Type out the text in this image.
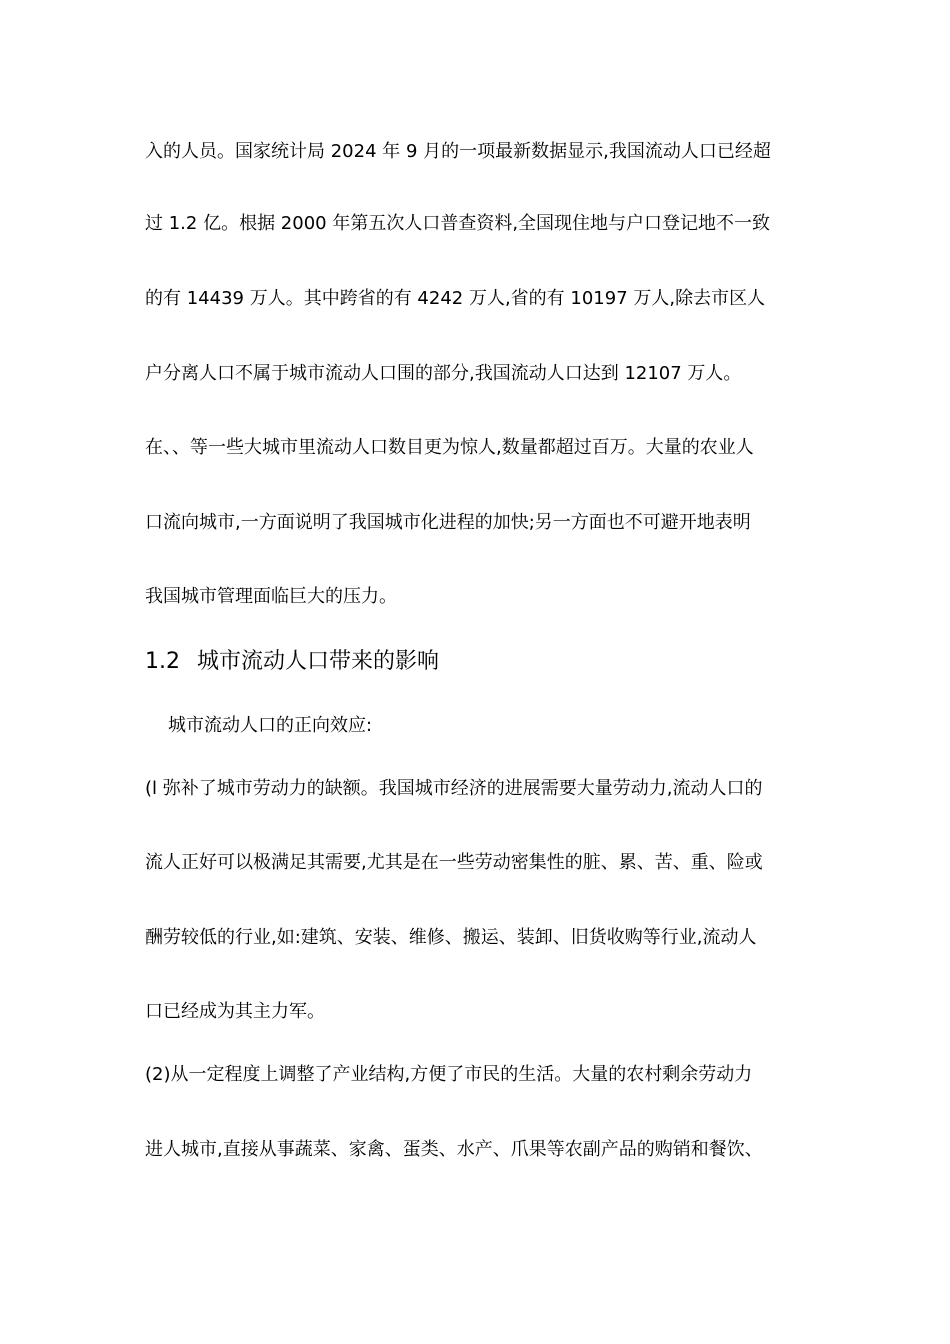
入的人员。国家统计局 2024 年 9 月的一项最新数据显示,我国流动人口已经超
过 1.2 亿。根据 2000 年第五次人口普查资料,全国现住地与户口登记地不一致
的有 14439 万人。其中跨省的有 4242 万人,省的有 10197 万人,除去市区人
户分离人口不属于城市流动人口围的部分,我国流动人口达到 12107 万人。
在、、等一些大城市里流动人口数目更为惊人,数量都超过百万。大量的农业人
口流向城市,一方面说明了我国城市化进程的加快;另一方面也不可避开地表明
我国城市管理面临巨大的压力。
1.2 城市流动人口带来的影响
城市流动人口的正向效应:
(l 弥补了城市劳动力的缺额。我国城市经济的进展需要大量劳动力,流动人口的
流人正好可以极满足其需要,尤其是在一些劳动密集性的脏、累、苦、重、险或
酬劳较低的行业,如:建筑、安装、维修、搬运、装卸、旧货收购等行业,流动人
口已经成为其主力军。
(2)从一定程度上调整了产业结构,方便了市民的生活。大量的农村剩余劳动力
进人城市,直接从事蔬菜、家禽、蛋类、水产、爪果等农副产品的购销和餐饮、
